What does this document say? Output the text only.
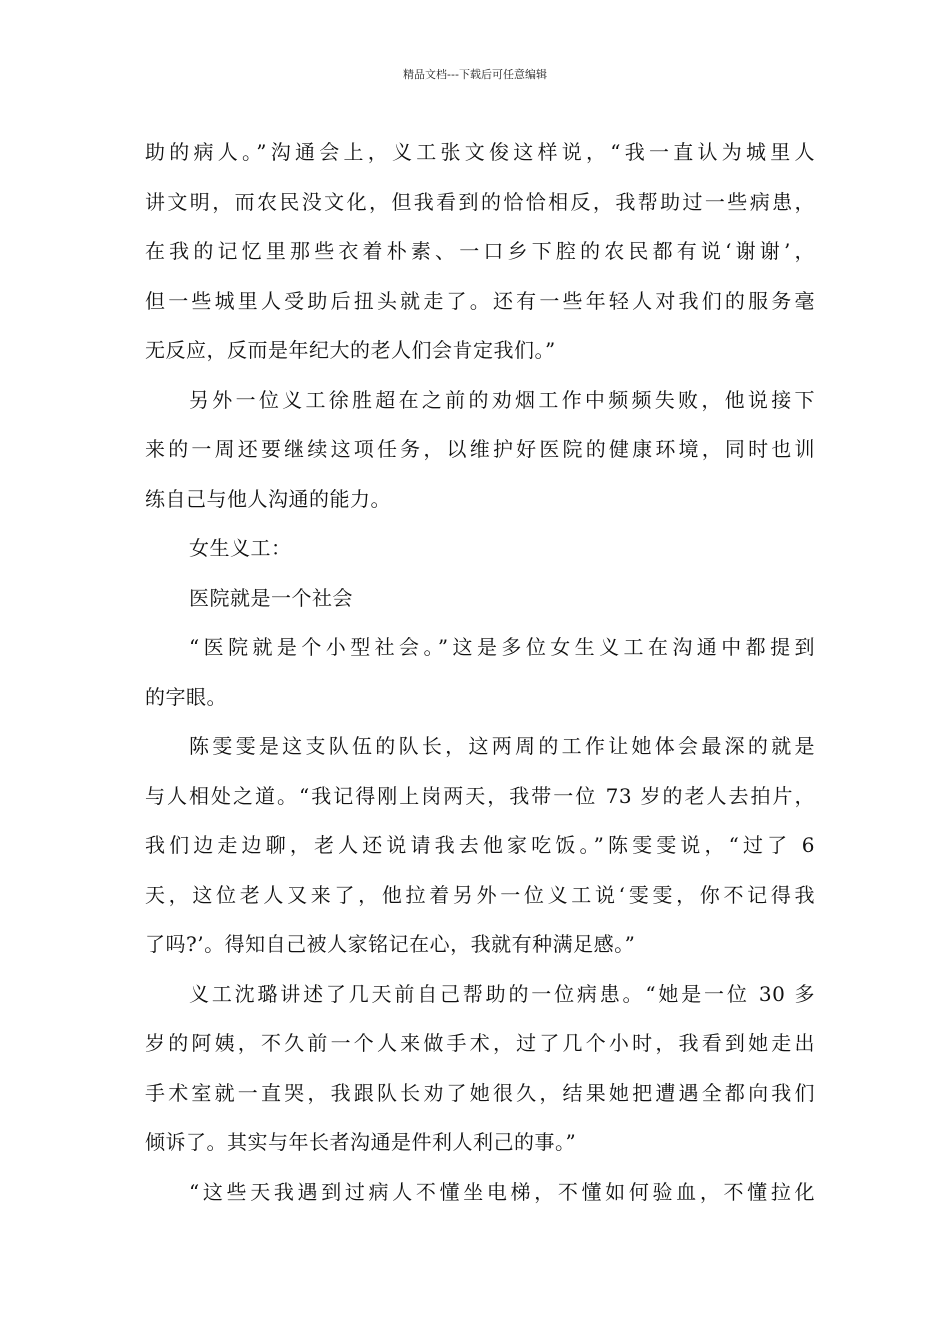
精品文档---下载后可任意编辑
助的病人。”沟通会上，义工张文俊这样说，“我一直认为城里人
讲文明，而农民没文化，但我看到的恰恰相反，我帮助过一些病患，
在我的记忆里那些衣着朴素、一口乡下腔的农民都有说‘谢谢’，
但一些城里人受助后扭头就走了。还有一些年轻人对我们的服务毫
无反应，反而是年纪大的老人们会肯定我们。”
另外一位义工徐胜超在之前的劝烟工作中频频失败，他说接下
来的一周还要继续这项任务，以维护好医院的健康环境，同时也训
练自己与他人沟通的能力。
女生义工：
医院就是一个社会
“医院就是个小型社会。”这是多位女生义工在沟通中都提到
的字眼。
陈雯雯是这支队伍的队长，这两周的工作让她体会最深的就是
与人相处之道。“我记得刚上岗两天，我带一位 73 岁的老人去拍片，
我们边走边聊，老人还说请我去他家吃饭。”陈雯雯说，“过了 6
天，这位老人又来了，他拉着另外一位义工说‘雯雯，你不记得我
了吗?’。得知自己被人家铭记在心，我就有种满足感。”
义工沈璐讲述了几天前自己帮助的一位病患。“她是一位 30 多
岁的阿姨，不久前一个人来做手术，过了几个小时，我看到她走出
手术室就一直哭，我跟队长劝了她很久，结果她把遭遇全都向我们
倾诉了。其实与年长者沟通是件利人利己的事。”
“这些天我遇到过病人不懂坐电梯，不懂如何验血，不懂拉化
